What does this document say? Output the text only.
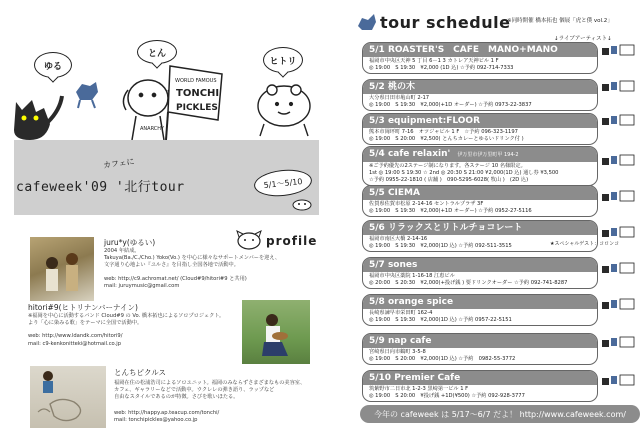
ゆる
とん
ヒトリ
ANARCHY
WORLD FAMOUS
TONCHI
PICKLES
カフェに
cafeweek'09 '北行tour	5/1～5/10
profile
juru*y(ゆるい)
2004 年結成。
Takuya(Ba./C./Cho.) Yoko(Vo.) を中心に様々なサポートメンバーを迎え、
文字通り心地よい『ユルさ』を目指し全国各地で活動中。
web: http://c9.achromat.net/ (Cloud#9/hitori#9 と共用)
mail: juruymusic@gmail.com
hitori#9(ヒトリナンバーナイン)
※福岡を中心に活動するバンド Cloud#9 の Vo. 橋本拓也によるソロプロジェクト。
より「心に染みる歌」をテーマに全国で活動中。
web: http://www.ldandk.com/hitori9/
mail: c9-kenkonitteki@hotmail.co.jp
とんちピクルス
福岡在住の松浦浩司によるソロユニット。福岡のみならずさまざまなもの美容室、
カフェ、ギャラリーなどで活動中。ウクレレの弾き語り、ラップなど
自由なスタイルであるのが特徴。さびを歌いほたる。
web: http://happy.ap.teacup.com/tonchi/
mail: tonchipickles@yahoo.co.jp
tour schedule
※同時開催 橋本拓也 個展「虎と僕 vol.2」
↓ライブアーティスト↓
5/1 ROASTER'S　CAFE　MANO+MANO
福岡市中央区天神 5 丁目 6－1 3 カトレア天神ビル 1 F
◎ 19:00　S 19:30　¥2,000 (1D 込) ☆予約 092-714-7333
5/2 桃の木
大分県日田市亀山町 2-17
◎ 19:00　S 19:30　¥2,000(+1D オーダー) ☆予約 0973-22-3837
5/3 equipment:FLOOR
熊本市岡坪町 7-16　オツジャビル 1 F　☆予約 096-323-1197
◎ 19:00　S 20:00　¥2,500( とんちカレーとゆるいドリンク付 )
5/4 cafe relaxin' 伊万里市伊万里町甲 194-2
※ご予約優先の2ステージ制になります。各ステージ 10 名様限定。
1st ◎ 19:00 S 19:30 ☆ 2nd ◎ 20:30 S 21:00 ¥2,000(1D 込) 通し券 ¥3,500
☆予約 0955-22-1810 ( 店舗 )　090-5295-6028( 牧山 )　(2D 込)
5/5 CIEMA
佐賀県佐賀市松原 2-14-16 セントラルプラザ 3F
◎ 19:00　S 19:30　¥2,000(+1D オーダー) ☆予約 0952-27-5116
5/6 リラックスとリトルチョコレート
福岡市南区大橋 2-14-16
◎ 19:00　S 19:30　¥2,000(1D 込) ☆予約 092-511-3515	★スペシャルゲスト：コロンコ
5/7 sones
福岡市中央区薬院 1-16-18 江恵ビル
◎ 20:00　S 20:30　¥2,000(+投げ銭 ) 要ドリンクオーダー ☆予約 092-741-8287
5/8 orange spice
長崎県諫早市栄田町 162-4
◎ 19:00　S 19:30　¥2,000(1D 込) ☆予約 0957-22-5151
5/9 nap cafe
宮崎県日向市鶴町 3-5-8
◎ 19:00　S 20:00　¥2,000(1D 込) ☆予約　0982-55-3772
5/10 Premier Cafe
筑紫野市二日市北 1-2-3 黒崎第一ビル 1 F
◎ 19:00　S 20:00　¥投げ銭 +1D(¥500) ☆予約 092-928-3777
今年の cafeweek は 5/17～6/7 だよ！ http://www.cafeweek.com/
